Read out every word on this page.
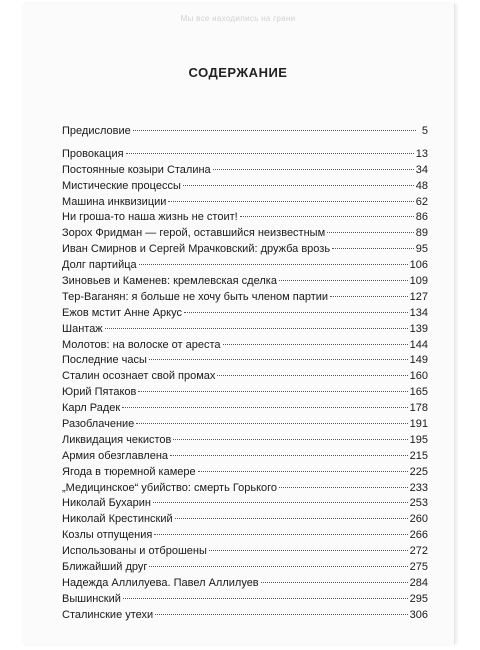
Мы все находились на грани
СОДЕРЖАНИЕ
Предисловие	5
Провокация	13
Постоянные козыри Сталина	34
Мистические процессы	48
Машина инквизиции	62
Ни гроша-то наша жизнь не стоит!	86
Зорох Фридман — герой, оставшийся неизвестным	89
Иван Смирнов и Сергей Мрачковский: дружба врозь	95
Долг партийца	106
Зиновьев и Каменев: кремлевская сделка	109
Тер-Ваганян: я больше не хочу быть членом партии	127
Ежов мстит Анне Аркус	134
Шантаж	139
Молотов: на волоске от ареста	144
Последние часы	149
Сталин осознает свой промах	160
Юрий Пятаков	165
Карл Радек	178
Разоблачение	191
Ликвидация чекистов	195
Армия обезглавлена	215
Ягода в тюремной камере	225
„Медицинское“ убийство: смерть Горького	233
Николай Бухарин	253
Николай Крестинский	260
Козлы отпущения	266
Использованы и отброшены	272
Ближайший друг	275
Надежда Аллилуева. Павел Аллилуев	284
Вышинский	295
Сталинские утехи	306
